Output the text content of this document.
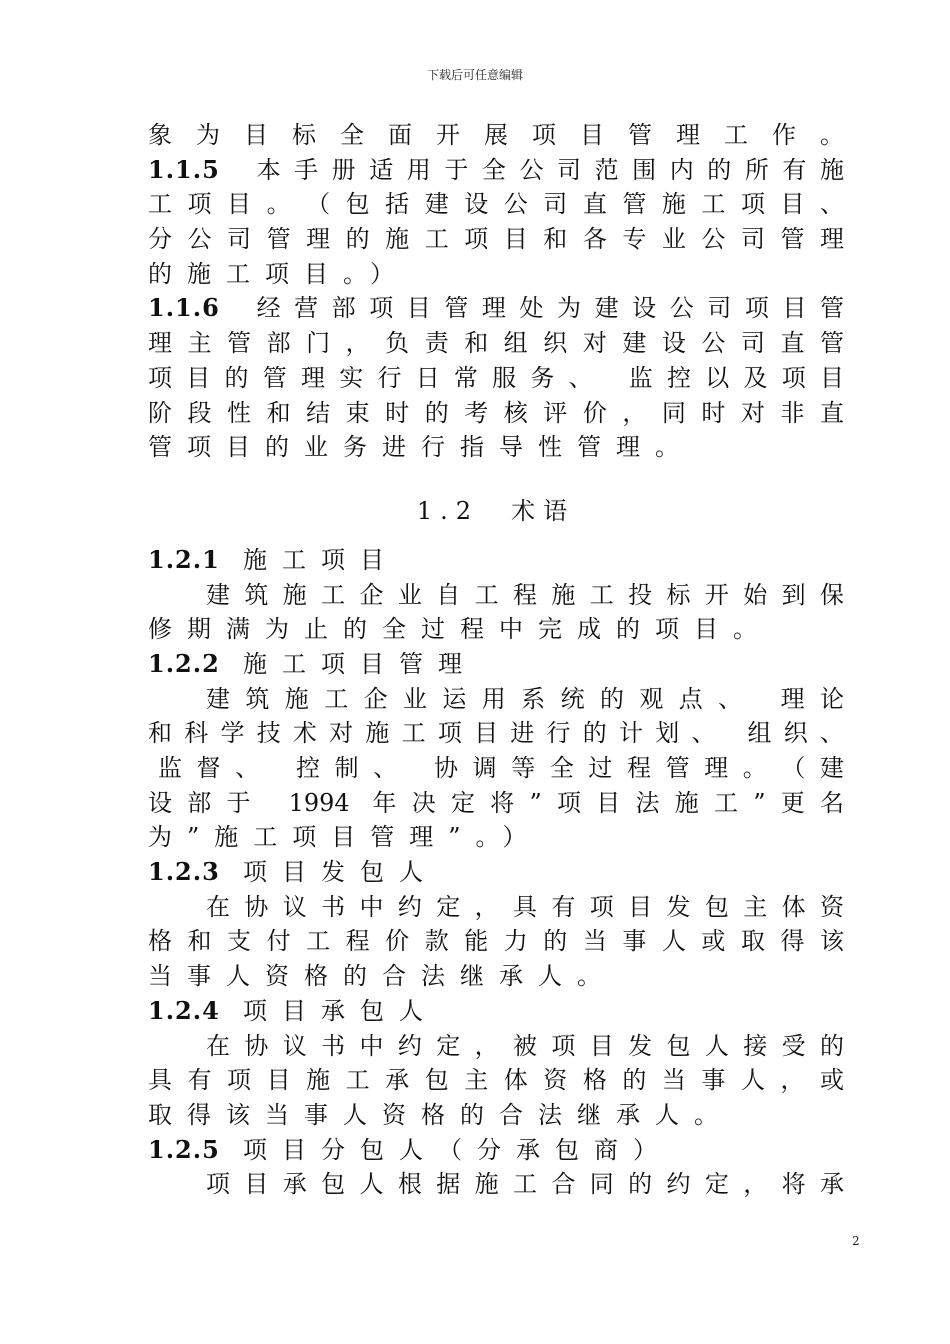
下载后可任意编辑
象​为​目​标​全​面​开​展​项​目​管​理​工​作​。
1.1.5 本​手​册​适​用​于​全​公​司​范​围​内​的​所​有​施
工​项​目​。​（​包​括​建​设​公​司​直​管​施​工​项​目​、
分​公​司​管​理​的​施​工​项​目​和​各​专​业​公​司​管​理
的施工项目。）
1.1.6 经​营​部​项​目​管​理​处​为​建​设​公​司​项​目​管
理​主​管​部​门​，​负​责​和​组​织​对​建​设​公​司​直​管
项​目​的​管​理​实​行​日​常​服​务​、​ ​监​控​以​及​项​目
阶​段​性​和​结​束​时​的​考​核​评​价​，​同​时​对​非​直
管项目的业务进行指导性管理。
1.2　术语
1.2.1 施工项目
建​筑​施​工​企​业​自​工​程​施​工​投​标​开​始​到​保
修期满为止的全过程中完成的项目。
1.2.2 施工项目管理
建​筑​施​工​企​业​运​用​系​统​的​观​点​、​ ​理​论
和​科​学​技​术​对​施​工​项​目​进​行​的​计​划​、​ ​组​织​、
监​督​、​ ​控​制​、​ ​协​调​等​全​过​程​管​理​。​（​建
设​部​于​ ​1​9​9​4​ ​年​决​定​将​”​项​目​法​施​工​”​更​名
为”施工项目管理”。）
1.2.3 项目发包人
在​协​议​书​中​约​定​，​具​有​项​目​发​包​主​体​资
格​和​支​付​工​程​价​款​能​力​的​当​事​人​或​取​得​该
当事人资格的合法继承人。
1.2.4 项目承包人
在​协​议​书​中​约​定​，​被​项​目​发​包​人​接​受​的
具​有​项​目​施​工​承​包​主​体​资​格​的​当​事​人​，​或
取得该当事人资格的合法继承人。
1.2.5 项目分包人（分承包商）
项​目​承​包​人​根​据​施​工​合​同​的​约​定​，​将​承
2
